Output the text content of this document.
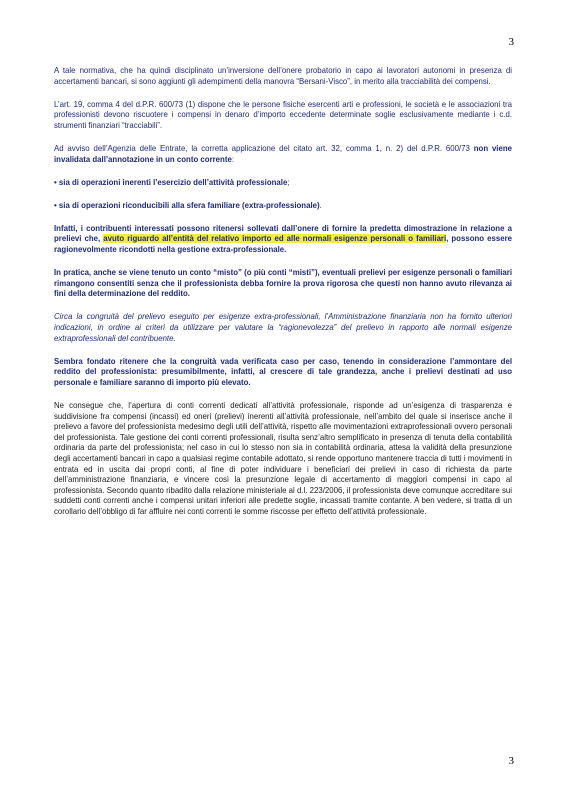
3

A tale normativa, che ha quindi disciplinato un’inversione dell’onere probatorio in capo ai lavoratori autonomi in presenza di accertamenti bancari, si sono aggiunti gli adempimenti della manovra “Bersani-Visco”, in merito alla tracciabilità dei compensi.

L’art. 19, comma 4 del d.P.R. 600/73 (1) dispone che le persone fisiche esercenti arti e professioni, le società e le associazioni tra professionisti devono riscuotere i compensi in denaro d’importo eccedente determinate soglie esclusivamente mediante i c.d. strumenti finanziari “tracciabili”.

Ad avviso dell’Agenzia delle Entrate, la corretta applicazione del citato art. 32, comma 1, n. 2) del d.P.R. 600/73 non viene invalidata dall’annotazione in un conto corrente:

• sia di operazioni inerenti l’esercizio dell’attività professionale;

• sia di operazioni riconducibili alla sfera familiare (extra-professionale).

Infatti, i contribuenti interessati possono ritenersi sollevati dall’onere di fornire la predetta dimostrazione in relazione a prelievi che, avuto riguardo all’entità del relativo importo ed alle normali esigenze personali o familiari, possono essere ragionevolmente ricondotti nella gestione extra-professionale.

In pratica, anche se viene tenuto un conto “misto” (o più conti “misti”), eventuali prelievi per esigenze personali o familiari rimangono consentiti senza che il professionista debba fornire la prova rigorosa che questi non hanno avuto rilevanza ai fini della determinazione del reddito.

Circa la congruità del prelievo eseguito per esigenze extra-professionali, l’Amministrazione finanziaria non ha fornito ulteriori indicazioni, in ordine ai criteri da utilizzare per valutare la “ragionevolezza” del prelievo in rapporto alle normali esigenze extraprofessionali del contribuente.

Sembra fondato ritenere che la congruità vada verificata caso per caso, tenendo in considerazione l’ammontare del reddito del professionista: presumibilmente, infatti, al crescere di tale grandezza, anche i prelievi destinati ad uso personale e familiare saranno di importo più elevato.

Ne consegue che, l’apertura di conti correnti dedicati all’attività professionale, risponde ad un’esigenza di trasparenza e suddivisione fra compensi (incassi) ed oneri (prelievi) inerenti all’attività professionale, nell’ambito del quale si inserisce anche il prelievo a favore del professionista medesimo degli utili dell’attività, rispetto alle movimentazioni extraprofessionali ovvero personali del professionista. Tale gestione dei conti correnti professionali, risulta senz’altro semplificato in presenza di tenuta della contabilità ordinaria da parte del professionista; nel caso in cui lo stesso non sia in contabilità ordinaria, attesa la validità della presunzione degli accertamenti bancari in capo a qualsiasi regime contabile adottato, si rende opportuno mantenere traccia di tutti i movimenti in entrata ed in uscita dai propri conti, al fine di poter individuare i beneficiari dei prelievi in caso di richiesta da parte dell’amministrazione finanziaria, e vincere così la presunzione legale di accertamento di maggiori compensi in capo al professionista. Secondo quanto ribadito dalla relazione ministeriale al d.l. 223/2006, il professionista deve comunque accreditare sui suddetti conti correnti anche i compensi unitari inferiori alle predette soglie, incassati tramite contante. A ben vedere, si tratta di un corollario dell’obbligo di far affluire nei conti correnti le somme riscosse per effetto dell’attività professionale.

3
